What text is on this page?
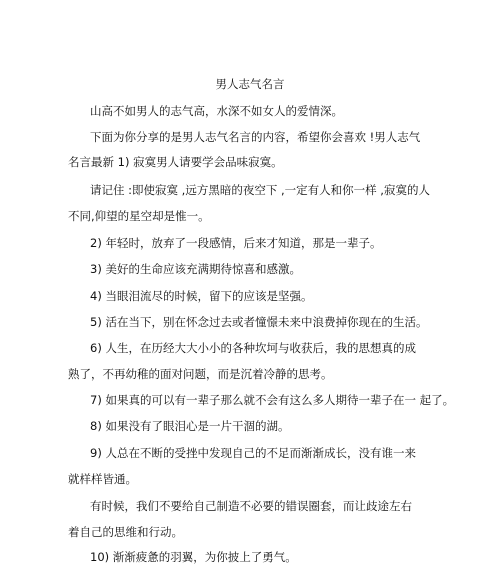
男人志气名言
山高不如男人的志气高，水深不如女人的爱情深。
下面为你分享的是男人志气名言的内容，希望你会喜欢 !男人志气
名言最新 1) 寂寞男人请要学会品味寂寞。
请记住 :即使寂寞 ,远方黑暗的夜空下 ,一定有人和你一样 ,寂寞的人
不同,仰望的星空却是惟一。
2) 年轻时，放弃了一段感情，后来才知道，那是一辈子。
3) 美好的生命应该充满期待惊喜和感激。
4) 当眼泪流尽的时候，留下的应该是坚强。
5) 活在当下，别在怀念过去或者憧憬未来中浪费掉你现在的生活。
6) 人生，在历经大大小小的各种坎坷与收获后，我的思想真的成
熟了，不再幼稚的面对问题，而是沉着冷静的思考。
7) 如果真的可以有一辈子那么就不会有这么多人期待一辈子在一 起了。
8) 如果没有了眼泪心是一片干涸的湖。
9) 人总在不断的受挫中发现自己的不足而渐渐成长，没有谁一来
就样样皆通。
有时候，我们不要给自己制造不必要的错误圈套，而让歧途左右
着自己的思维和行动。
10) 渐渐疲惫的羽翼，为你披上了勇气。
